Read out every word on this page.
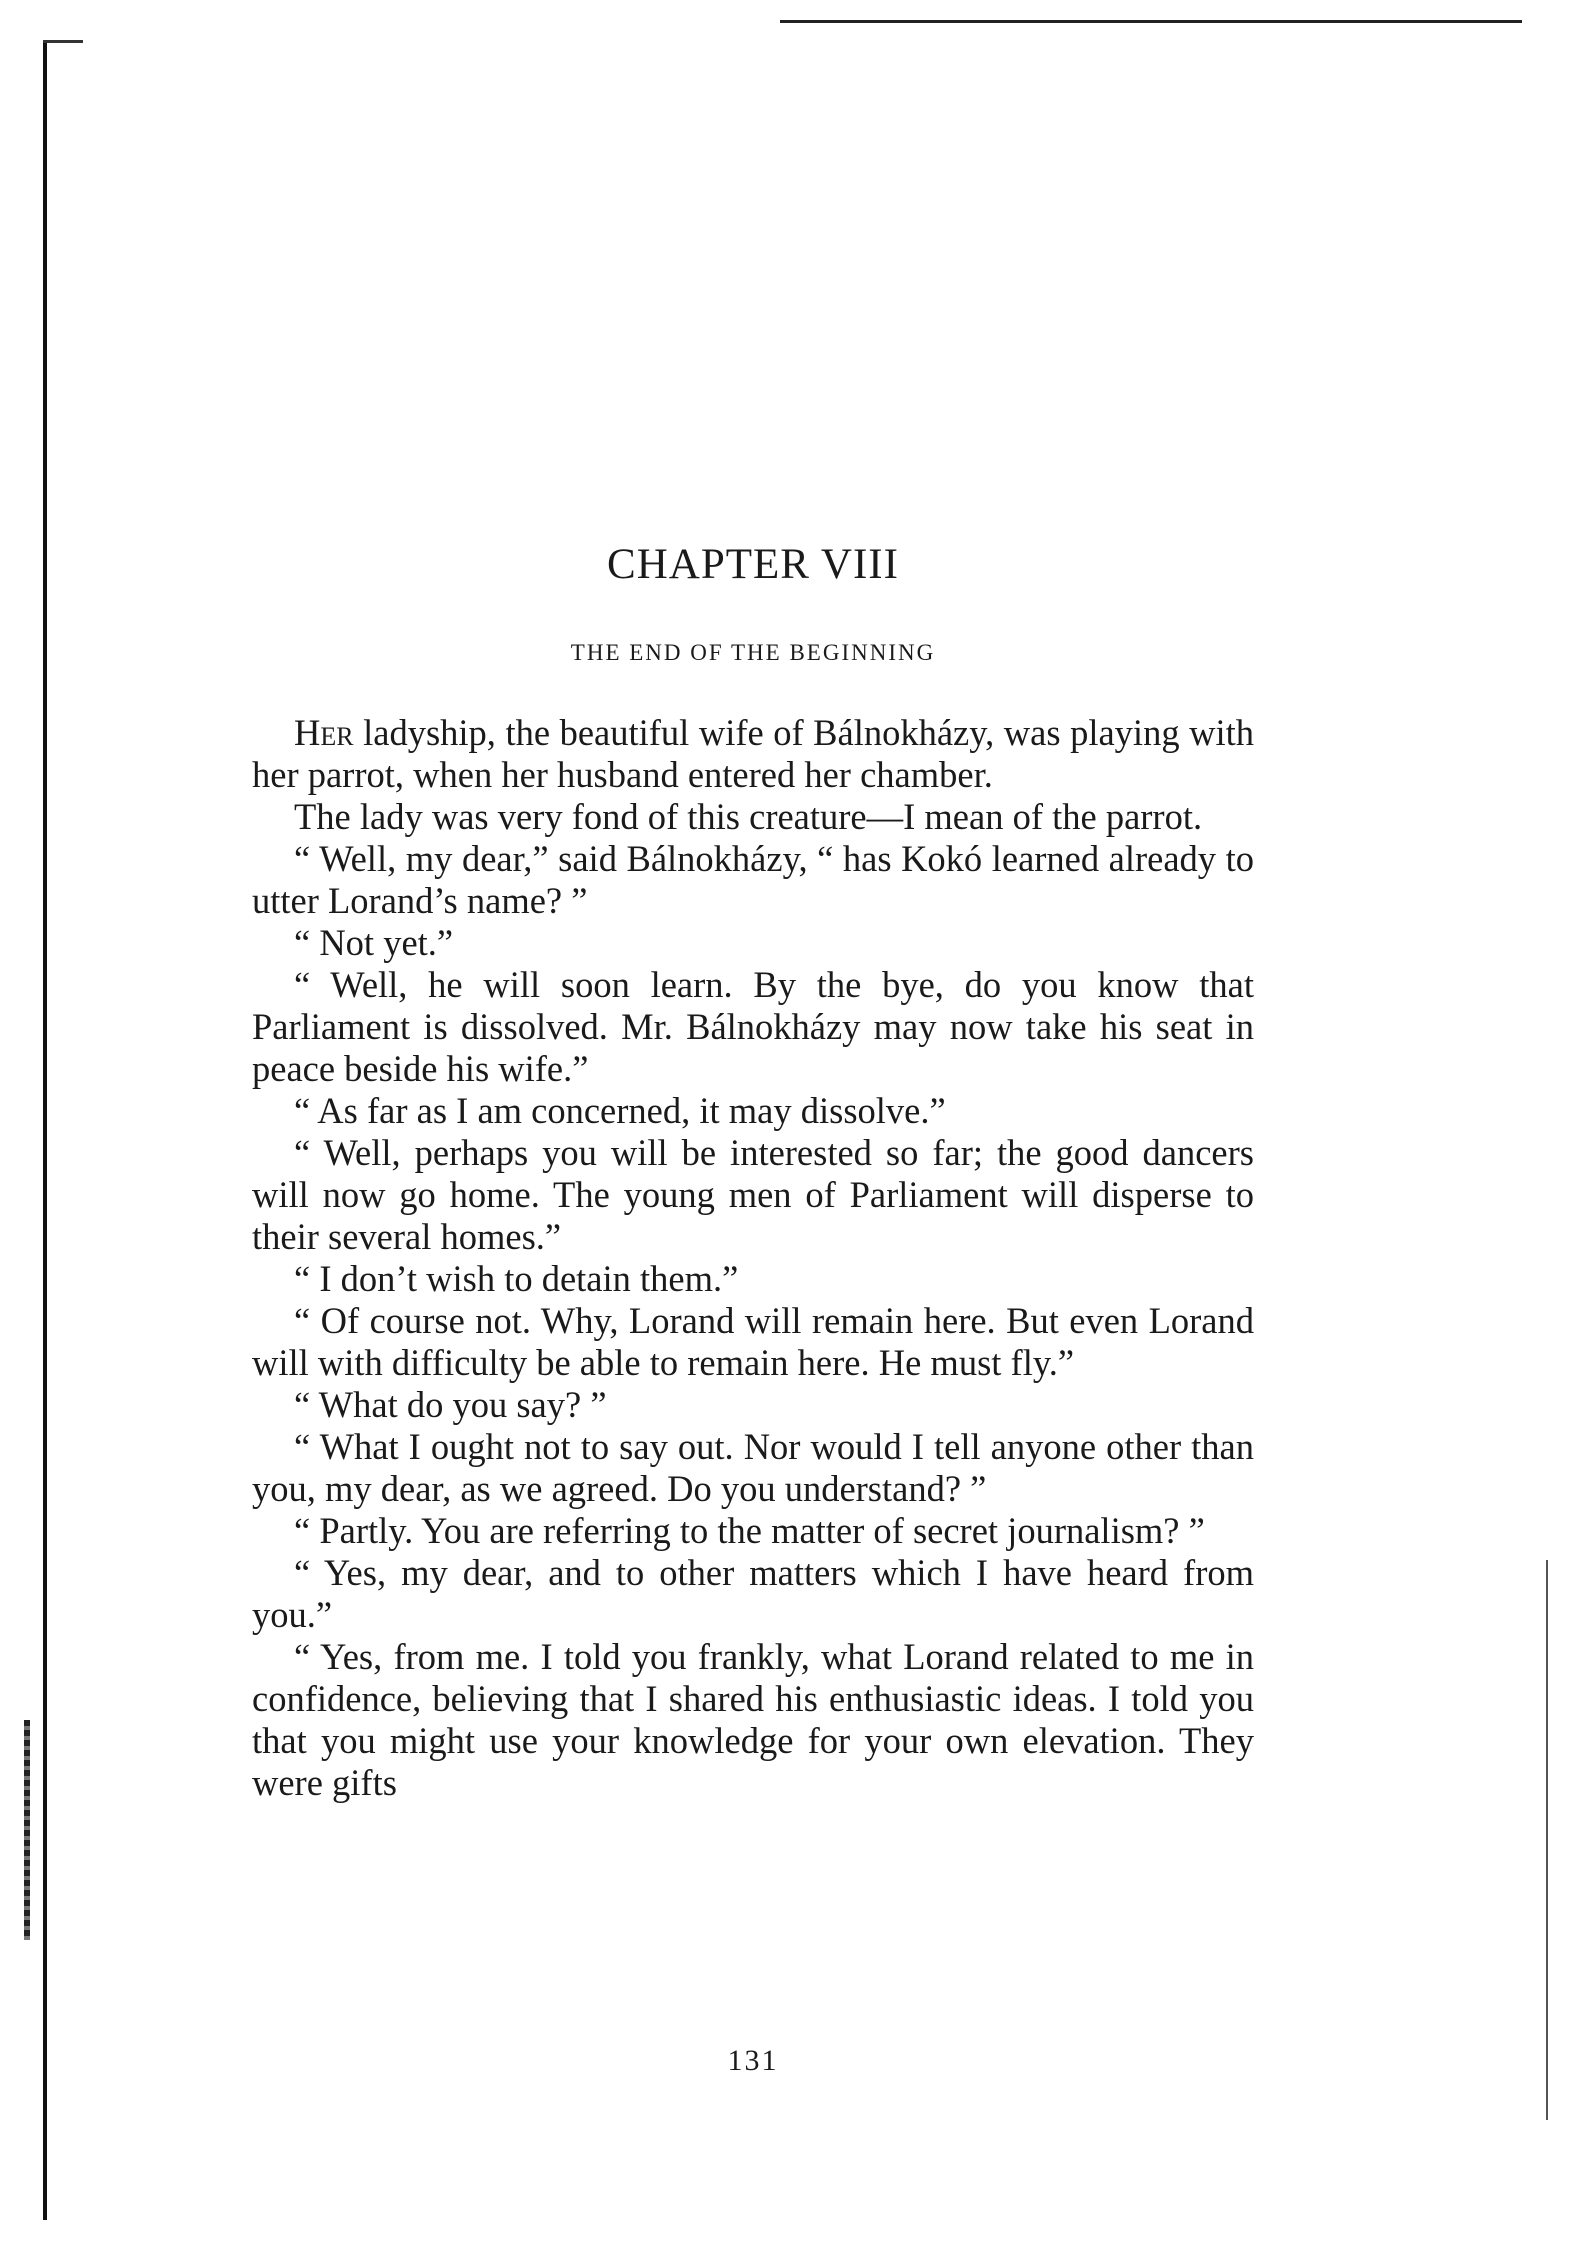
CHAPTER VIII
THE END OF THE BEGINNING

Her ladyship, the beautiful wife of Bálnokházy, was playing with her parrot, when her husband entered her chamber.

The lady was very fond of this creature—I mean of the parrot.

“ Well, my dear,” said Bálnokházy, “ has Kokó learned already to utter Lorand’s name? ”

“ Not yet.”

“ Well, he will soon learn. By the bye, do you know that Parliament is dissolved. Mr. Bálnokházy may now take his seat in peace beside his wife.”

“ As far as I am concerned, it may dissolve.”

“ Well, perhaps you will be interested so far; the good dancers will now go home. The young men of Parliament will disperse to their several homes.”

“ I don’t wish to detain them.”

“ Of course not. Why, Lorand will remain here. But even Lorand will with difficulty be able to remain here. He must fly.”

“ What do you say? ”

“ What I ought not to say out. Nor would I tell anyone other than you, my dear, as we agreed. Do you understand? ”

“ Partly. You are referring to the matter of secret journalism? ”

“ Yes, my dear, and to other matters which I have heard from you.”

“ Yes, from me. I told you frankly, what Lorand related to me in confidence, believing that I shared his enthusiastic ideas. I told you that you might use your knowledge for your own elevation. They were gifts

131
